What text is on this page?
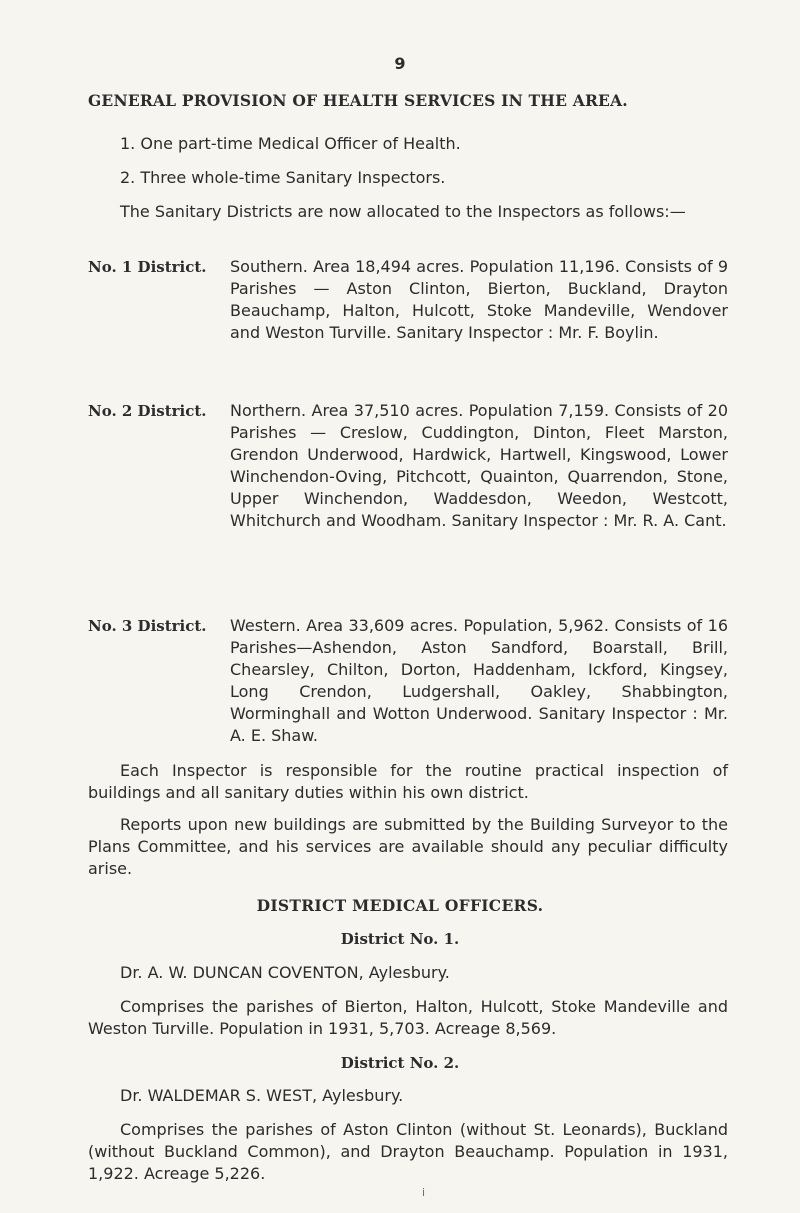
9
GENERAL PROVISION OF HEALTH SERVICES IN THE AREA.
1. One part-time Medical Officer of Health.
2. Three whole-time Sanitary Inspectors.
The Sanitary Districts are now allocated to the Inspectors as follows:—
No. 1 District. Southern. Area 18,494 acres. Population 11,196. Consists of 9 Parishes — Aston Clinton, Bierton, Buckland, Drayton Beauchamp, Halton, Hulcott, Stoke Mandeville, Wendover and Weston Turville. Sanitary Inspector : Mr. F. Boylin.
No. 2 District. Northern. Area 37,510 acres. Population 7,159. Consists of 20 Parishes — Creslow, Cuddington, Dinton, Fleet Marston, Grendon Underwood, Hardwick, Hartwell, Kingswood, Lower Winchendon-Oving, Pitchcott, Quainton, Quarrendon, Stone, Upper Winchendon, Waddesdon, Weedon, Westcott, Whitchurch and Woodham. Sanitary Inspector : Mr. R. A. Cant.
No. 3 District. Western. Area 33,609 acres. Population, 5,962. Consists of 16 Parishes—Ashendon, Aston Sandford, Boarstall, Brill, Chearsley, Chilton, Dorton, Haddenham, Ickford, Kingsey, Long Crendon, Ludgershall, Oakley, Shabbington, Worminghall and Wotton Underwood. Sanitary Inspector : Mr. A. E. Shaw.
Each Inspector is responsible for the routine practical inspection of buildings and all sanitary duties within his own district.
Reports upon new buildings are submitted by the Building Surveyor to the Plans Committee, and his services are available should any peculiar difficulty arise.
DISTRICT MEDICAL OFFICERS.
District No. 1.
Dr. A. W. DUNCAN COVENTON, Aylesbury.
Comprises the parishes of Bierton, Halton, Hulcott, Stoke Mandeville and Weston Turville. Population in 1931, 5,703. Acreage 8,569.
District No. 2.
Dr. WALDEMAR S. WEST, Aylesbury.
Comprises the parishes of Aston Clinton (without St. Leonards), Buckland (without Buckland Common), and Drayton Beauchamp. Population in 1931, 1,922. Acreage 5,226.
i
